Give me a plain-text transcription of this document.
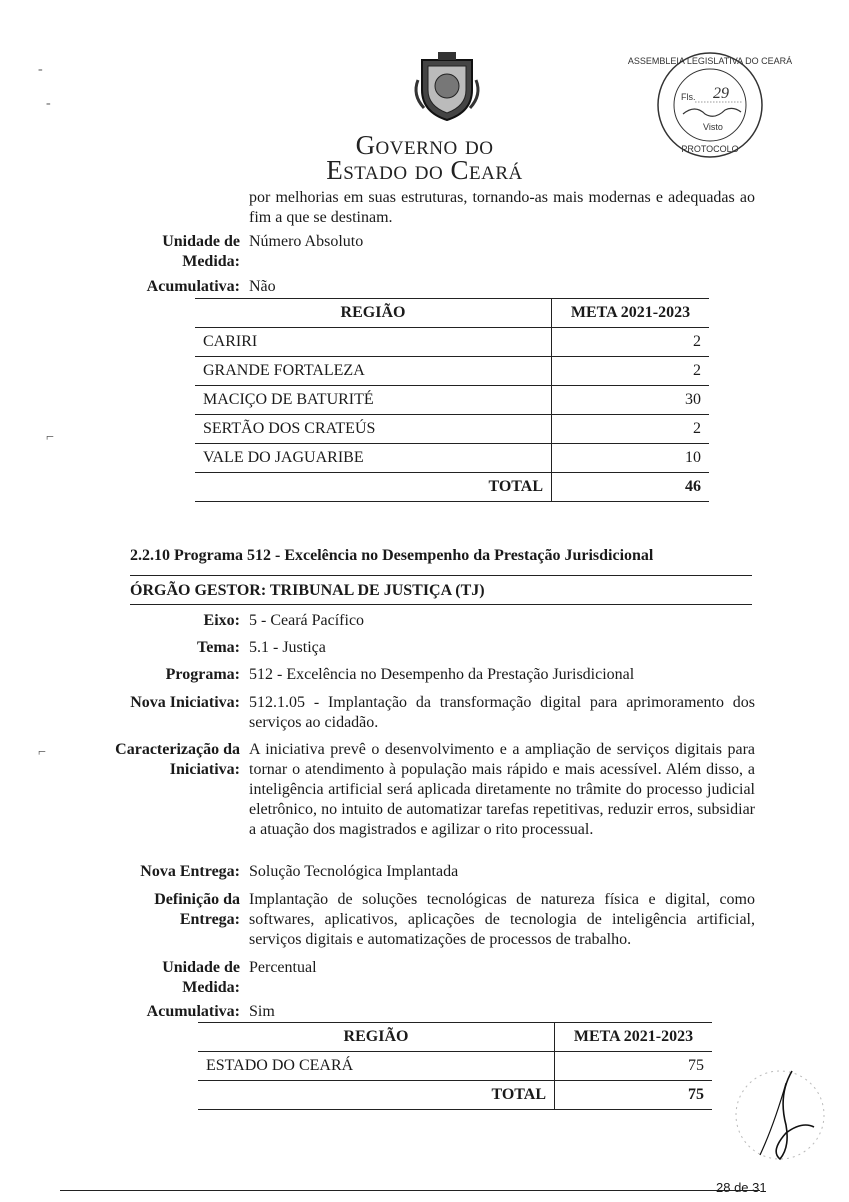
Governo do
Estado do Ceará
ASSEMBLEIA LEGISLATIVA DO CEARÁ
PROTOCOLO
Fls. 29
Visto
-
-
⌐
⌐
por melhorias em suas estruturas, tornando-as mais modernas e adequadas ao fim a que se destinam.
Unidade de Medida:
Número Absoluto
Acumulativa: Não
REGIÃO	META 2021-2023
CARIRI	2
GRANDE FORTALEZA	2
MACIÇO DE BATURITÉ	30
SERTÃO DOS CRATEÚS	2
VALE DO JAGUARIBE	10
TOTAL	46
2.2.10 Programa 512 - Excelência no Desempenho da Prestação Jurisdicional
ÓRGÃO GESTOR: TRIBUNAL DE JUSTIÇA (TJ)
Eixo: 5 - Ceará Pacífico
Tema: 5.1 - Justiça
Programa: 512 - Excelência no Desempenho da Prestação Jurisdicional
Nova Iniciativa: 512.1.05 - Implantação da transformação digital para aprimoramento dos serviços ao cidadão.
Caracterização da Iniciativa:
A iniciativa prevê o desenvolvimento e a ampliação de serviços digitais para tornar o atendimento à população mais rápido e mais acessível. Além disso, a inteligência artificial será aplicada diretamente no trâmite do processo judicial eletrônico, no intuito de automatizar tarefas repetitivas, reduzir erros, subsidiar a atuação dos magistrados e agilizar o rito processual.
Nova Entrega: Solução Tecnológica Implantada
Definição da Entrega:
Implantação de soluções tecnológicas de natureza física e digital, como softwares, aplicativos, aplicações de tecnologia de inteligência artificial, serviços digitais e automatizações de processos de trabalho.
Unidade de Medida:
Percentual
Acumulativa: Sim
REGIÃO	META 2021-2023
ESTADO DO CEARÁ	75
TOTAL	75
28 de 31
